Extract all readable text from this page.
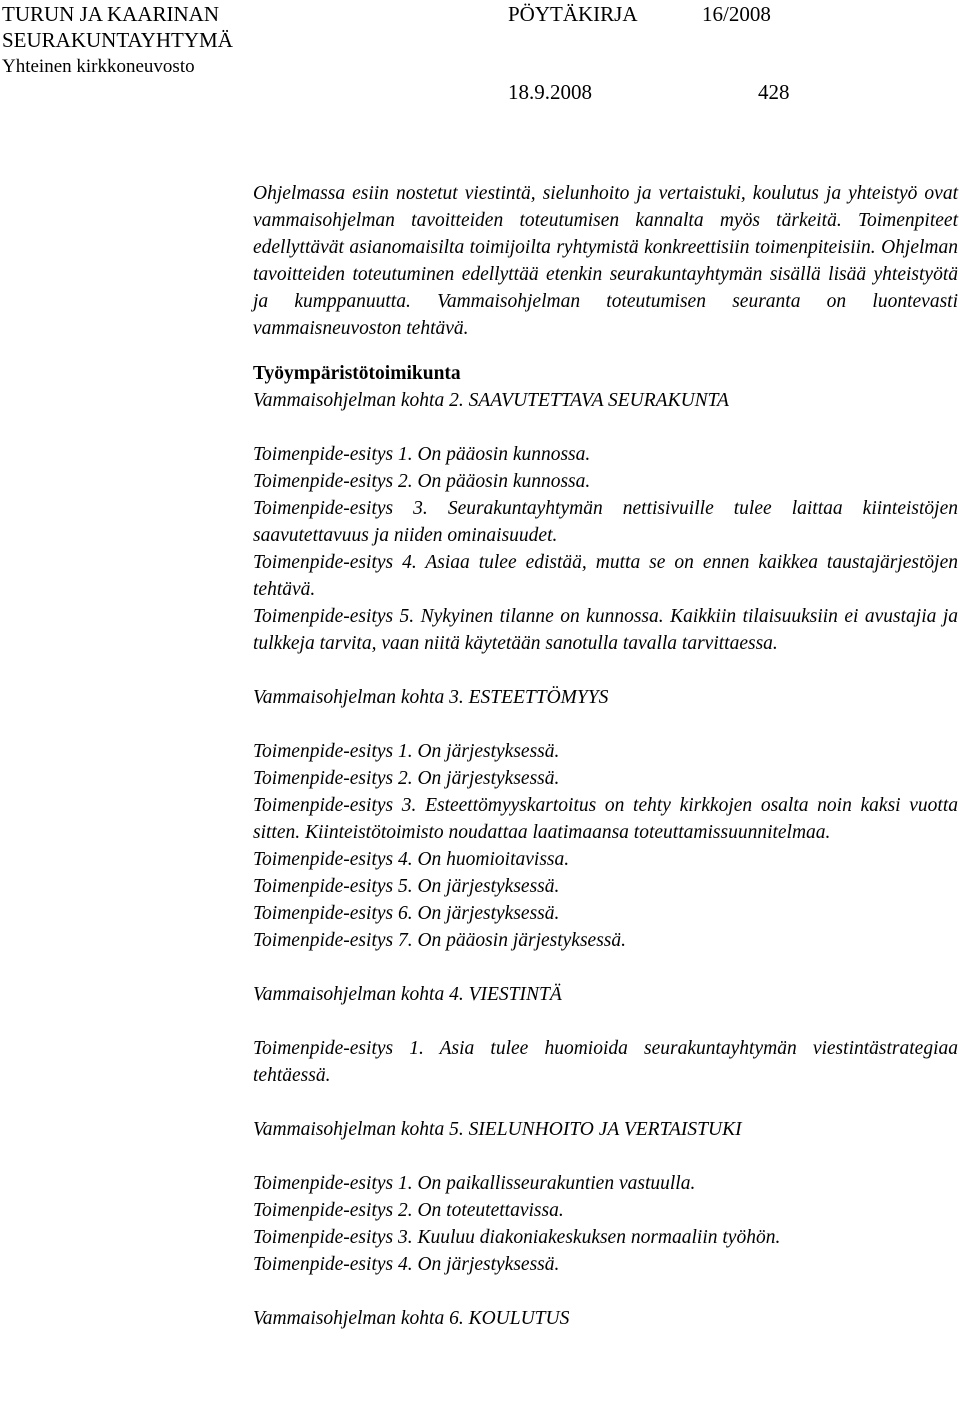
TURUN JA KAARINAN
SEURAKUNTAYHTYMÄ
Yhteinen kirkkoneuvosto
PÖYTÄKIRJA	16/2008
18.9.2008	428

Ohjelmassa esiin nostetut viestintä, sielunhoito ja vertaistuki, koulutus ja yhteistyö ovat vammaisohjelman tavoitteiden toteutumisen kannalta myös tärkeitä. Toimenpiteet edellyttävät asianomaisilta toimijoilta ryhtymistä konkreettisiin toimenpiteisiin. Ohjelman tavoitteiden toteutuminen edellyttää etenkin seurakuntayhtymän sisällä lisää yhteistyötä ja kumppanuutta. Vammaisohjelman toteutumisen seuranta on luontevasti vammaisneuvoston tehtävä.

Työympäristötoimikunta

Vammaisohjelman kohta 2. SAAVUTETTAVA SEURAKUNTA

Toimenpide-esitys 1. On pääosin kunnossa.

Toimenpide-esitys 2. On pääosin kunnossa.

Toimenpide-esitys 3. Seurakuntayhtymän nettisivuille tulee laittaa kiinteistöjen saavutettavuus ja niiden ominaisuudet.

Toimenpide-esitys 4. Asiaa tulee edistää, mutta se on ennen kaikkea taustajärjestöjen tehtävä.

Toimenpide-esitys 5. Nykyinen tilanne on kunnossa. Kaikkiin tilaisuuksiin ei avustajia ja tulkkeja tarvita, vaan niitä käytetään sanotulla tavalla tarvittaessa.

Vammaisohjelman kohta 3. ESTEETTÖMYYS

Toimenpide-esitys 1. On järjestyksessä.

Toimenpide-esitys 2. On järjestyksessä.

Toimenpide-esitys 3. Esteettömyyskartoitus on tehty kirkkojen osalta noin kaksi vuotta sitten. Kiinteistötoimisto noudattaa laatimaansa toteuttamissuunnitelmaa.

Toimenpide-esitys 4. On huomioitavissa.

Toimenpide-esitys 5. On järjestyksessä.

Toimenpide-esitys 6. On järjestyksessä.

Toimenpide-esitys 7. On pääosin järjestyksessä.

Vammaisohjelman kohta 4. VIESTINTÄ

Toimenpide-esitys 1. Asia tulee huomioida seurakuntayhtymän viestintästrategiaa tehtäessä.

Vammaisohjelman kohta 5. SIELUNHOITO JA VERTAISTUKI

Toimenpide-esitys 1. On paikallisseurakuntien vastuulla.

Toimenpide-esitys 2. On toteutettavissa.

Toimenpide-esitys 3. Kuuluu diakoniakeskuksen normaaliin työhön.

Toimenpide-esitys 4. On järjestyksessä.

Vammaisohjelman kohta 6. KOULUTUS
